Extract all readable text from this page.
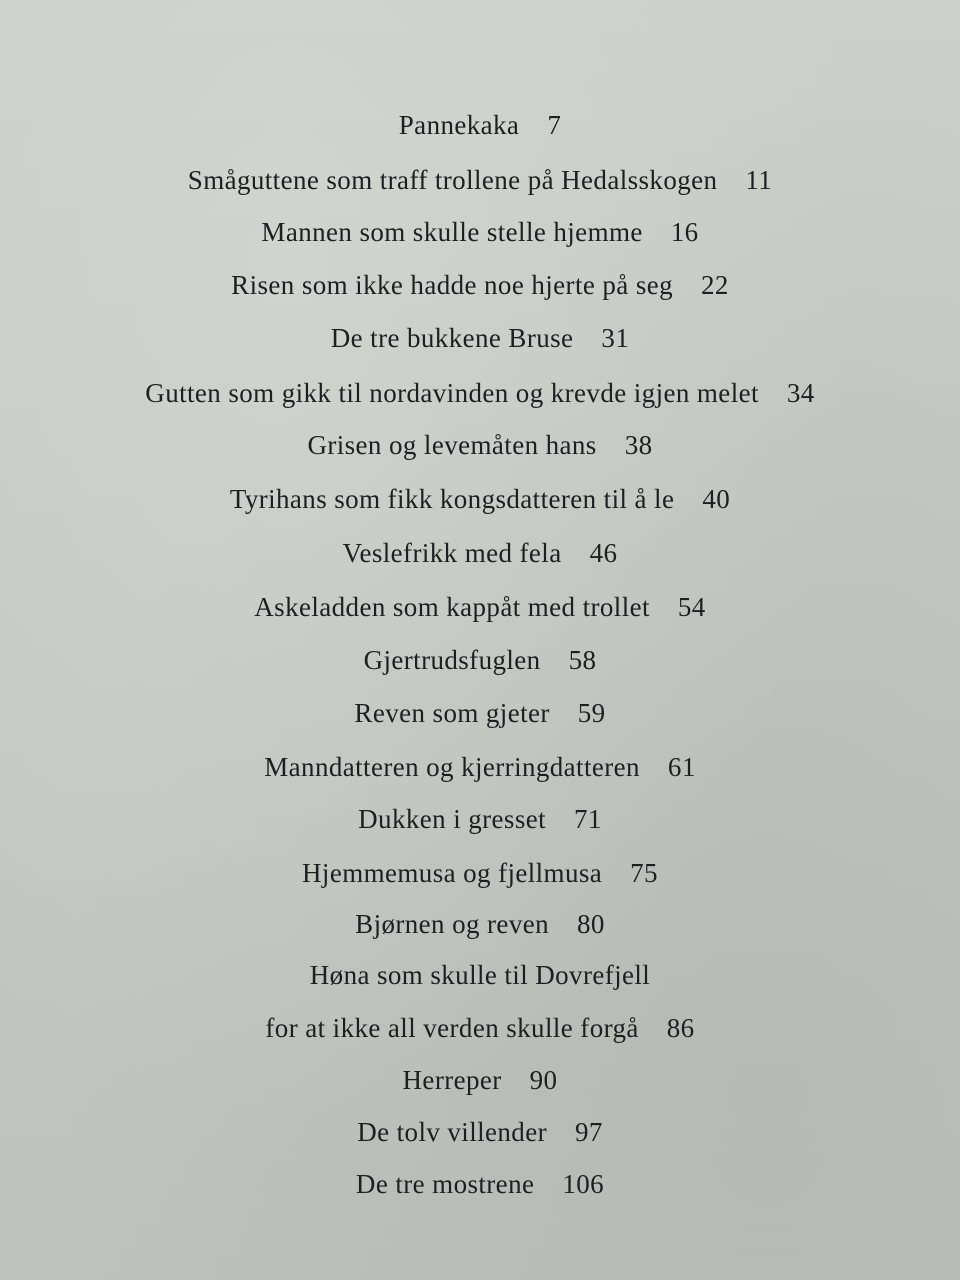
Pannekaka 7
Småguttene som traff trollene på Hedalsskogen 11
Mannen som skulle stelle hjemme 16
Risen som ikke hadde noe hjerte på seg 22
De tre bukkene Bruse 31
Gutten som gikk til nordavinden og krevde igjen melet 34
Grisen og levemåten hans 38
Tyrihans som fikk kongsdatteren til å le 40
Veslefrikk med fela 46
Askeladden som kappåt med trollet 54
Gjertrudsfuglen 58
Reven som gjeter 59
Manndatteren og kjerringdatteren 61
Dukken i gresset 71
Hjemmemusa og fjellmusa 75
Bjørnen og reven 80
Høna som skulle til Dovrefjell
for at ikke all verden skulle forgå 86
Herreper 90
De tolv villender 97
De tre mostrene 106
